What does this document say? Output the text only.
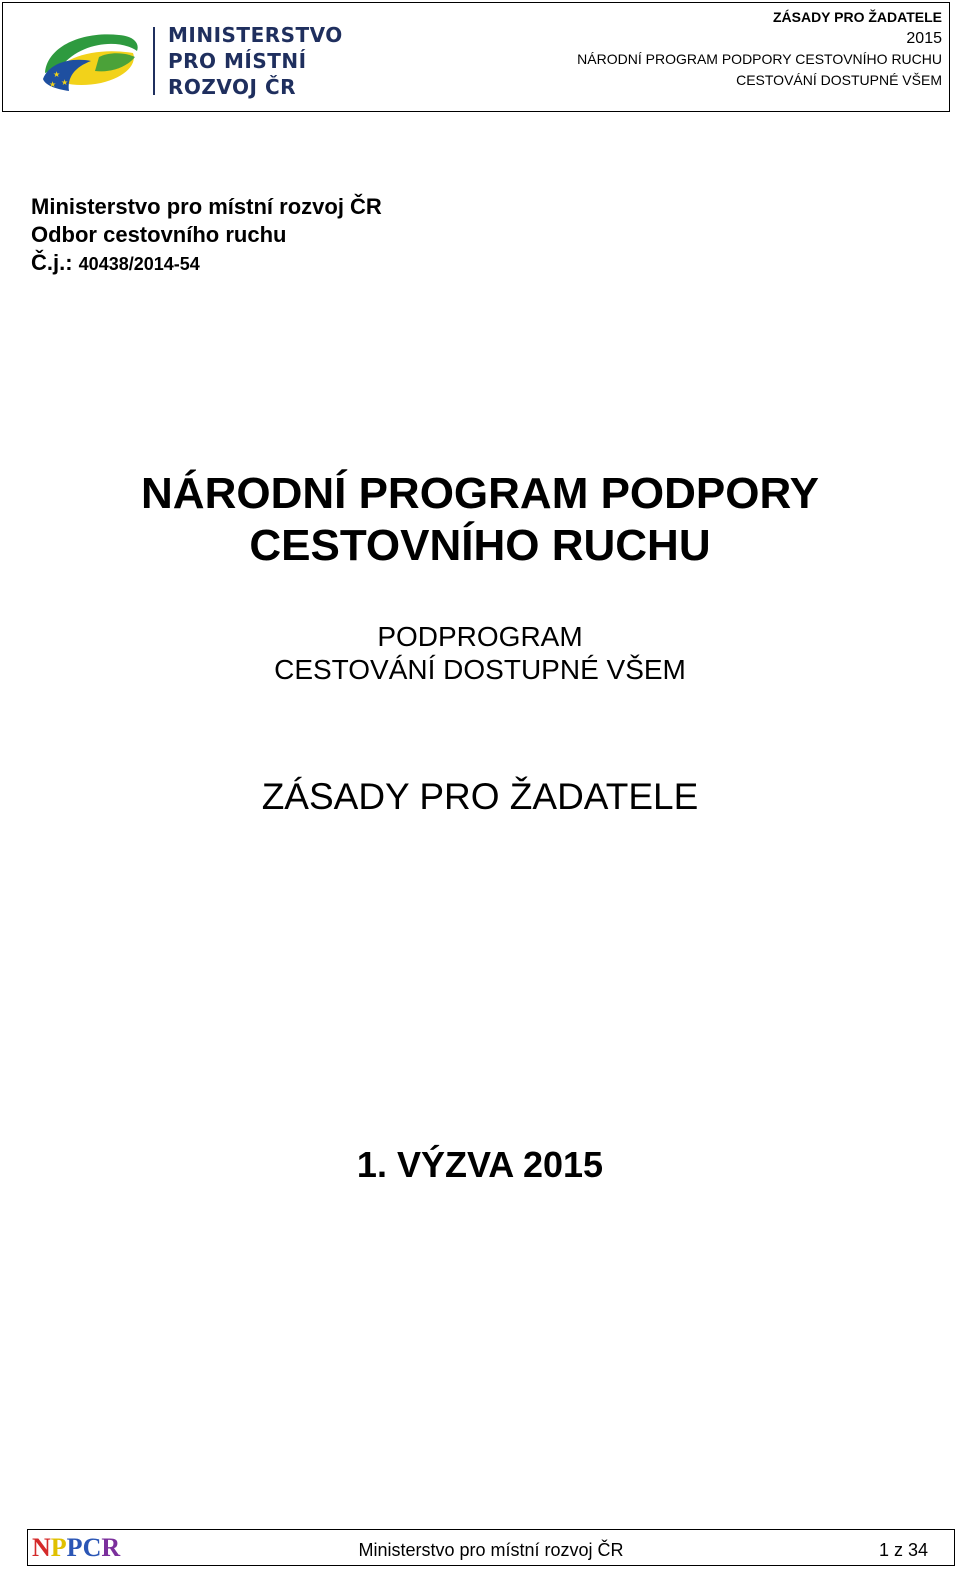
★
★
★
MINISTERSTVO
PRO MÍSTNÍ
ROZVOJ ČR
ZÁSADY PRO ŽADATELE
2015
NÁRODNÍ PROGRAM PODPORY CESTOVNÍHO RUCHU
CESTOVÁNÍ DOSTUPNÉ VŠEM
Ministerstvo pro místní rozvoj ČR
Odbor cestovního ruchu
Č.j.: 40438/2014-54
NÁRODNÍ PROGRAM PODPORY
CESTOVNÍHO RUCHU
PODPROGRAM
CESTOVÁNÍ DOSTUPNÉ VŠEM
ZÁSADY PRO ŽADATELE
1. VÝZVA 2015
NPPCR	Ministerstvo pro místní rozvoj ČR	1 z 34
